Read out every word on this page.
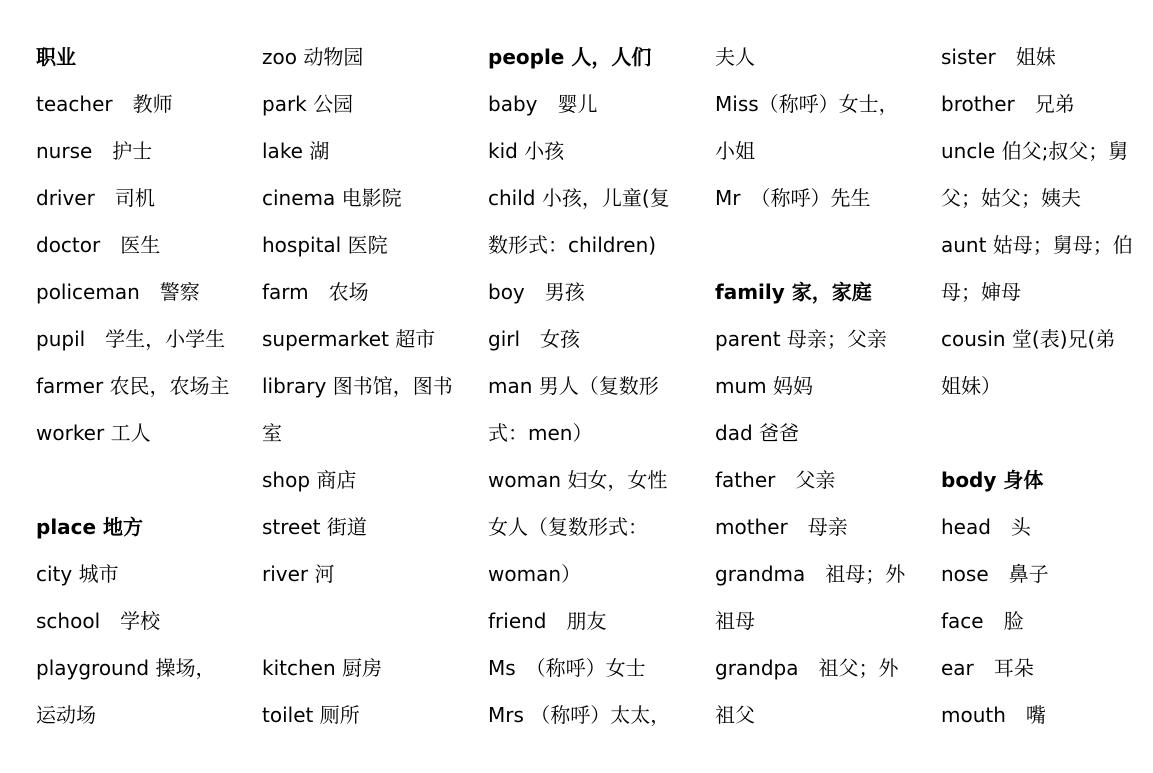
职业
teacher　教师
nurse　护士
driver　司机
doctor　医生
policeman　警察
pupil　学生，小学生
farmer 农民，农场主
worker 工人
place 地方
city 城市
school　学校
playground 操场，
运动场
zoo 动物园
park 公园
lake 湖
cinema 电影院
hospital 医院
farm　农场
supermarket 超市
library 图书馆，图书
室
shop 商店
street 街道
river 河
kitchen 厨房
toilet 厕所
people 人，人们
baby　婴儿
kid 小孩
child 小孩，儿童(复
数形式：children)
boy　男孩
girl　女孩
man 男人（复数形
式：men）
woman 妇女，女性
女人（复数形式：
woman）
friend　朋友
Ms　（称呼）女士
Mrs （称呼）太太，
夫人
Miss（称呼）女士，
小姐
Mr　（称呼）先生
family 家，家庭
parent 母亲；父亲
mum 妈妈
dad 爸爸
father　父亲
mother　母亲
grandma　祖母；外
祖母
grandpa　祖父；外
祖父
sister　姐妹
brother　兄弟
uncle 伯父;叔父；舅
父；姑父；姨夫
aunt 姑母；舅母；伯
母；婶母
cousin 堂(表)兄(弟
姐妹）
body 身体
head　头
nose　鼻子
face　脸
ear　耳朵
mouth　嘴
